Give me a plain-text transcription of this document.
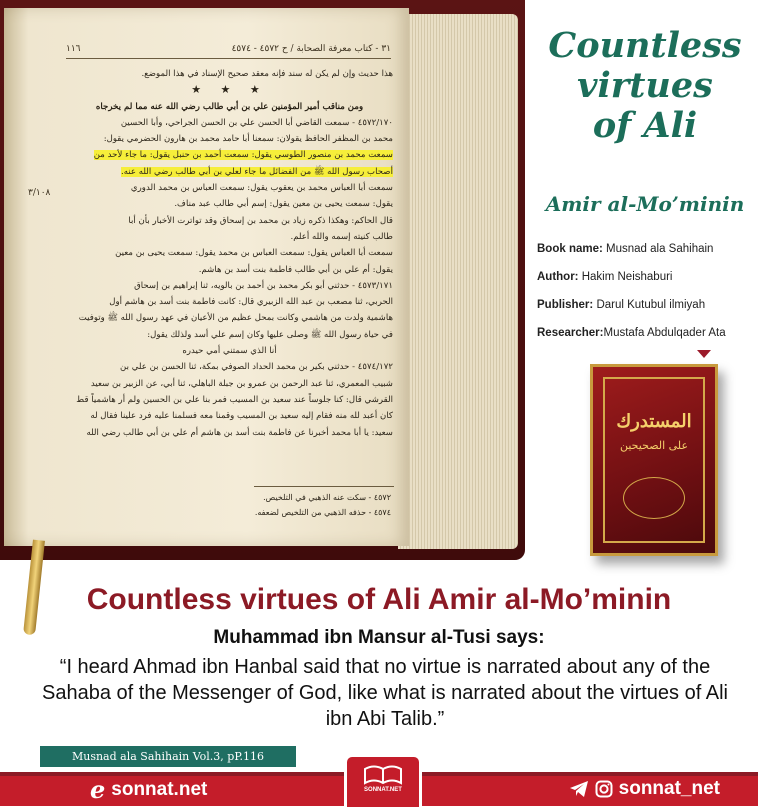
٣١ - كتاب معرفة الصحابة / ح ٤٥٧٢ - ٤٥٧٤
١١٦
٣/١٠٨
هذا حديث وإن لم يكن له سند فإنه معقد صحيح الإسناد في هذا الموضع.
★ ★ ★
ومن مناقب أمير المؤمنين علي بن أبي طالب رضي الله عنه مما لم يخرجاه
٤٥٧٢/١٧٠ - سمعت القاضي أبا الحسن علي بن الحسن الجراحي، وأبا الحسين
محمد بن المظفر الحافظ يقولان: سمعنا أبا حامد محمد بن هارون الحضرمي يقول:
سمعت محمد بن منصور الطوسي يقول: سمعت أحمد بن حنبل يقول: ما جاء لأحد من
أصحاب رسول الله ﷺ من الفضائل ما جاء لعلي بن أبي طالب رضي الله عنه.
سمعت أبا العباس محمد بن يعقوب يقول: سمعت العباس بن محمد الدوري
يقول: سمعت يحيى بن معين يقول: إسم أبي طالب عبد مناف.
قال الحاكم: وهكذا ذكره زياد بن محمد بن إسحاق وقد تواترت الأخبار بأن أبا
طالب كنيته إسمه والله أعلم.
سمعت أبا العباس يقول: سمعت العباس بن محمد يقول: سمعت يحيى بن معين
يقول: أم علي بن أبي طالب فاطمة بنت أسد بن هاشم.
٤٥٧٣/١٧١ - حدثني أبو بكر محمد بن أحمد بن بالويه، ثنا إبراهيم بن إسحاق
الحربي، ثنا مصعب بن عبد الله الزبيري قال: كانت فاطمة بنت أسد بن هاشم أول
هاشمية ولدت من هاشمي وكانت بمحل عظيم من الأعيان في عهد رسول الله ﷺ وتوفيت
في حياة رسول الله ﷺ وصلى عليها وكان إسم علي أسد ولذلك يقول:
أنا الذي سمتني أمي حيدره
٤٥٧٤/١٧٢ - حدثني بكير بن محمد الحداد الصوفي بمكة، ثنا الحسن بن علي بن
شبيب المعمري، ثنا عبد الرحمن بن عمرو بن جبلة الباهلي، ثنا أبي، عن الزبير بن سعيد
القرشي قال: كنا جلوساً عند سعيد بن المسيب فمر بنا علي بن الحسين ولم أر هاشمياً قط
كان أعبد لله منه فقام إليه سعيد بن المسيب وقمنا معه فسلمنا عليه فرد علينا فقال له
سعيد: يا أبا محمد أخبرنا عن فاطمة بنت أسد بن هاشم أم علي بن أبي طالب رضي الله
٤٥٧٢ - سكت عنه الذهبي في التلخيص.
٤٥٧٤ - حذفه الذهبي من التلخيص لضعفه.
Countless
virtues
of Ali
Amir al-Mo’minin
Book name: Musnad ala Sahihain
Author: Hakim Neishaburi
Publisher: Darul Kutubul ilmiyah
Researcher:Mustafa Abdulqader Ata
المستدرك
على الصحيحين
Countless virtues of Ali Amir al-Mo’minin
Muhammad ibn Mansur al-Tusi says:
“I heard Ahmad ibn Hanbal said that no virtue is narrated about any of the Sahaba of the Messenger of God, like what is narrated about the virtues of Ali ibn Abi Talib.”
Musnad ala Sahihain Vol.3, pP.116
e sonnat.net	SONNAT.NET	sonnat_net
